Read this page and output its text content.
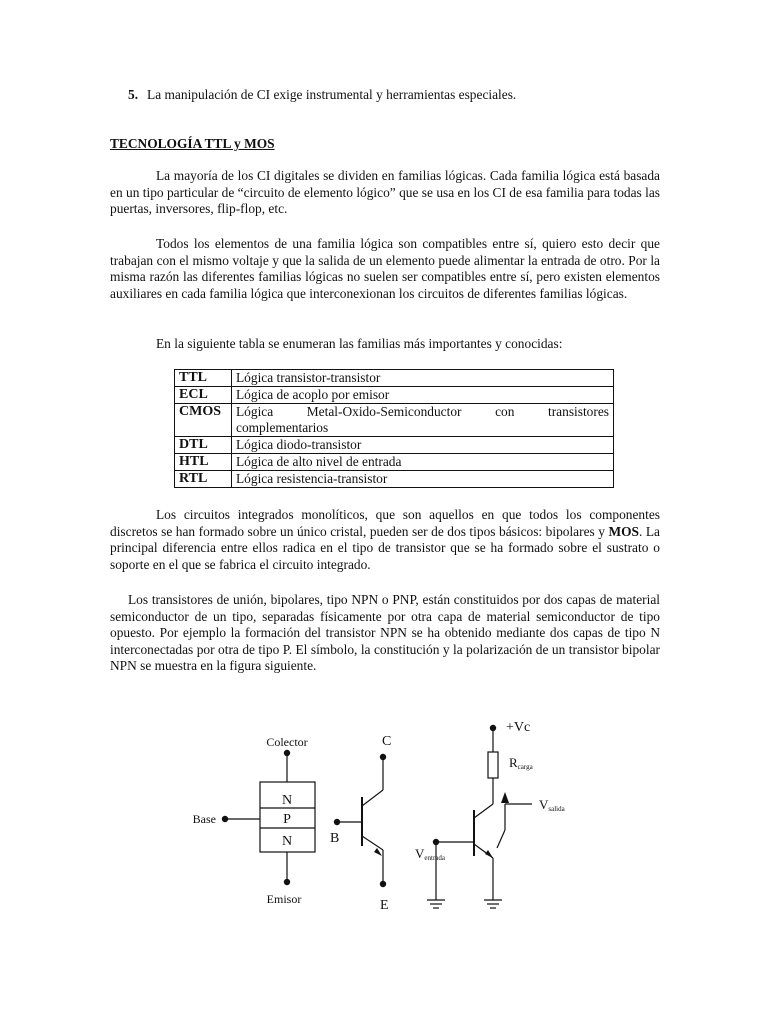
5. La manipulación de CI exige instrumental y herramientas especiales.
TECNOLOGÍA TTL y MOS

La mayoría de los CI digitales se dividen en familias lógicas. Cada familia lógica está basada en un tipo particular de “circuito de elemento lógico” que se usa en los CI de esa familia para todas las puertas, inversores, flip-flop, etc.

Todos los elementos de una familia lógica son compatibles entre sí, quiero esto decir que trabajan con el mismo voltaje y que la salida de un elemento puede alimentar la entrada de otro. Por la misma razón las diferentes familias lógicas no suelen ser compatibles entre sí, pero existen elementos auxiliares en cada familia lógica que interconexionan los circuitos de diferentes familias lógicas.

En la siguiente tabla se enumeran las familias más importantes y conocidas:

TTL	Lógica transistor-transistor
ECL	Lógica de acoplo por emisor
CMOS	Lógica Metal-Oxido-Semiconductor con transistores complementarios
DTL	Lógica diodo-transistor
HTL	Lógica de alto nivel de entrada
RTL	Lógica resistencia-transistor

Los circuitos integrados monolíticos, que son aquellos en que todos los componentes discretos se han formado sobre un único cristal, pueden ser de dos tipos básicos: bipolares y MOS. La principal diferencia entre ellos radica en el tipo de transistor que se ha formado sobre el sustrato o soporte en el que se fabrica el circuito integrado.

Los transistores de unión, bipolares, tipo NPN o PNP, están constituidos por dos capas de material semiconductor de un tipo, separadas físicamente por otra capa de material semiconductor de tipo opuesto. Por ejemplo la formación del transistor NPN se ha obtenido mediante dos capas de tipo N interconectadas por otra de tipo P. El símbolo, la constitución y la polarización de un transistor bipolar NPN se muestra en la figura siguiente.

Colector
Base
Emisor
N
P
N
C
B
E
+Vc
Rcarga
Vsalida
Ventrada
